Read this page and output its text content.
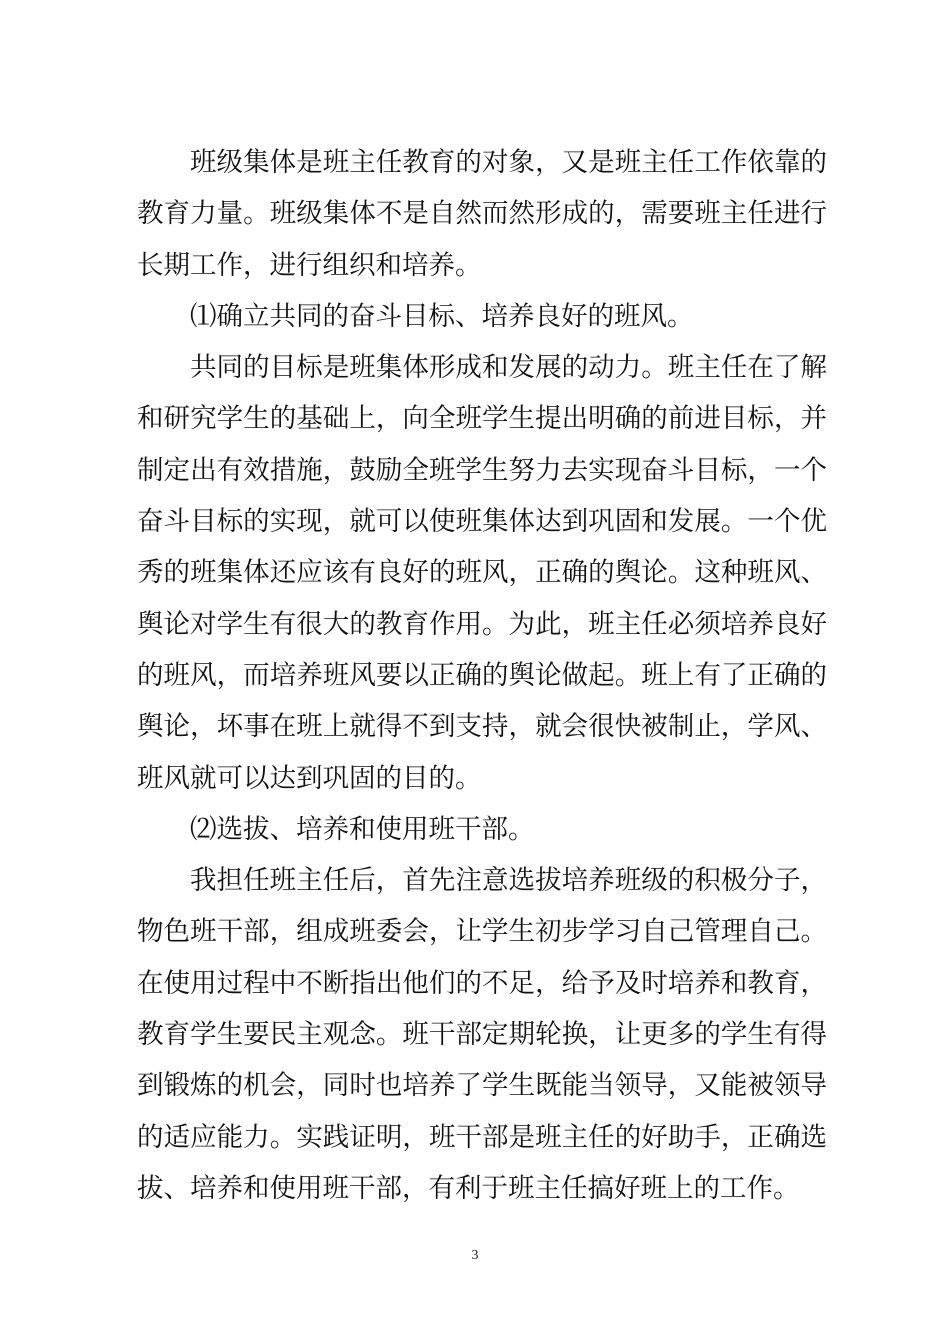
班级集体是班主任教育的对象，又是班主任工作依靠的教育力量。班级集体不是自然而然形成的，需要班主任进行长期工作，进行组织和培养。

⑴确立共同的奋斗目标、培养良好的班风。

共同的目标是班集体形成和发展的动力。班主任在了解和研究学生的基础上，向全班学生提出明确的前进目标，并制定出有效措施，鼓励全班学生努力去实现奋斗目标，一个奋斗目标的实现，就可以使班集体达到巩固和发展。一个优秀的班集体还应该有良好的班风，正确的舆论。这种班风、舆论对学生有很大的教育作用。为此，班主任必须培养良好的班风，而培养班风要以正确的舆论做起。班上有了正确的舆论，坏事在班上就得不到支持，就会很快被制止，学风、班风就可以达到巩固的目的。

⑵选拔、培养和使用班干部。

我担任班主任后，首先注意选拔培养班级的积极分子，物色班干部，组成班委会，让学生初步学习自己管理自己。在使用过程中不断指出他们的不足，给予及时培养和教育，教育学生要民主观念。班干部定期轮换，让更多的学生有得到锻炼的机会，同时也培养了学生既能当领导，又能被领导的适应能力。实践证明，班干部是班主任的好助手，正确选拔、培养和使用班干部，有利于班主任搞好班上的工作。

3
